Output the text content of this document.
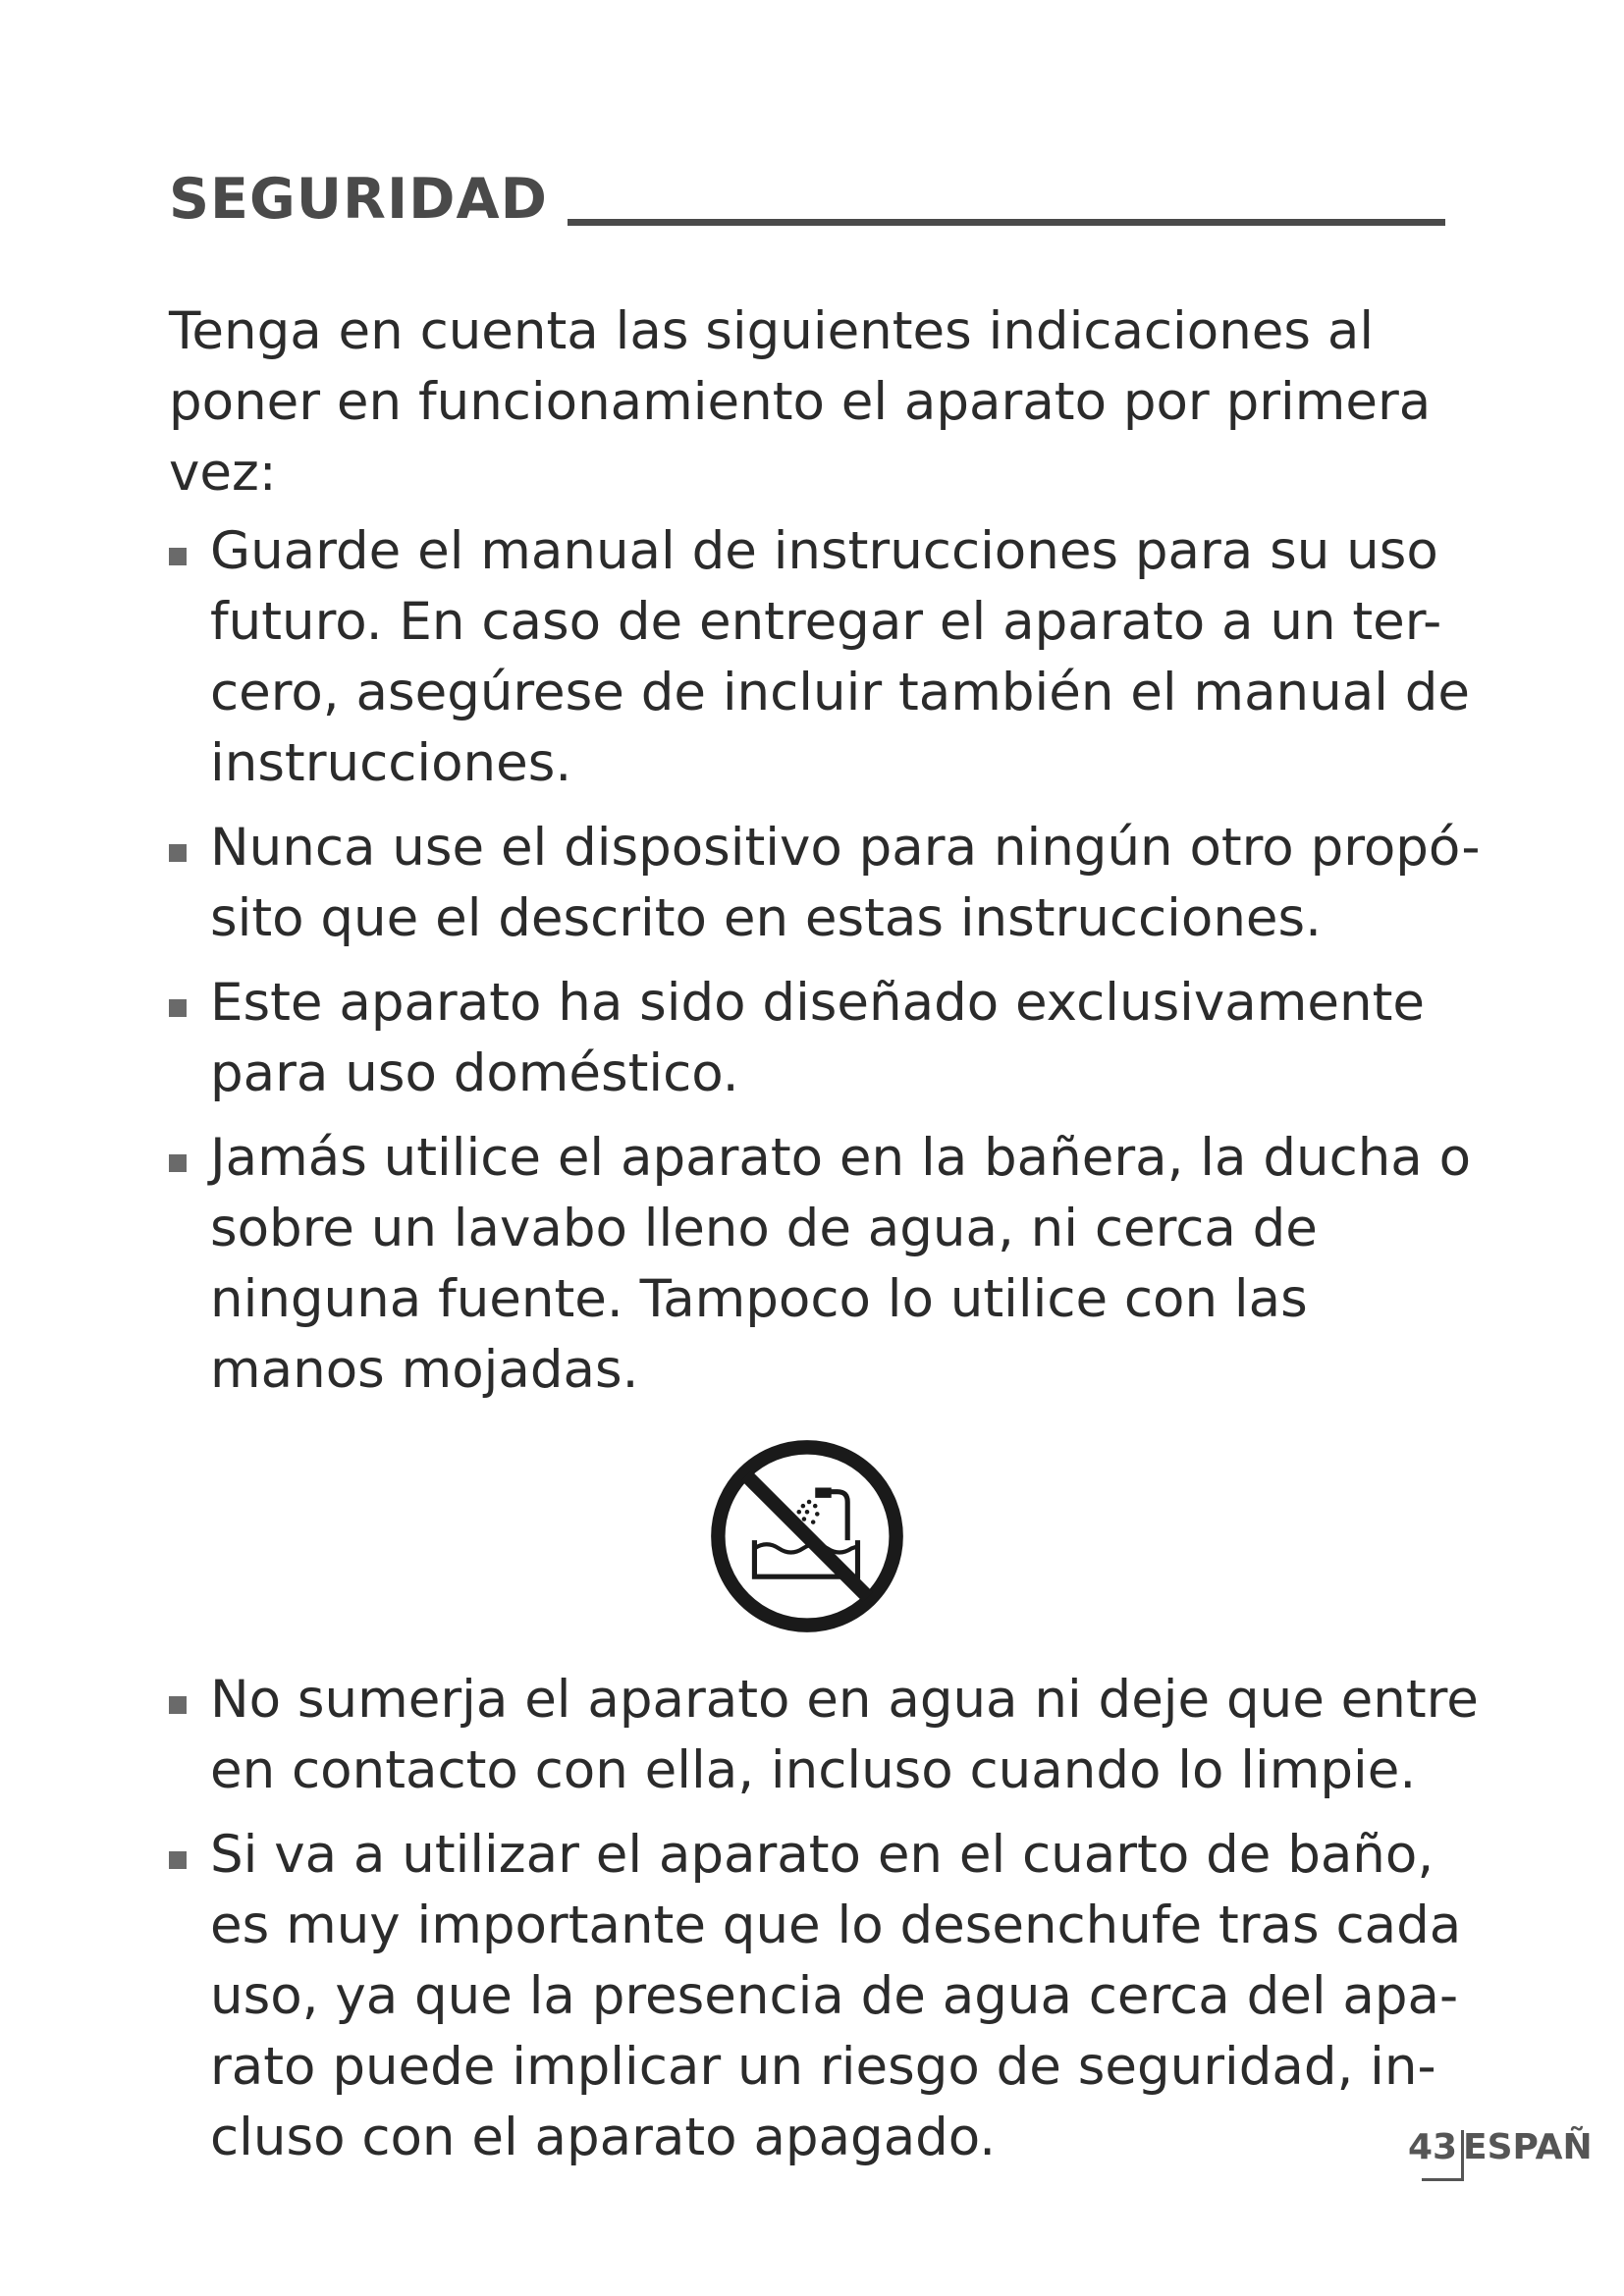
SEGURIDAD

Tenga en cuenta las siguientes indicaciones al poner en funcionamiento el aparato por primera vez:

Guarde el manual de instrucciones para su uso futuro. En caso de entregar el aparato a un ter-cero, asegúrese de incluir también el manual de instrucciones.
Nunca use el dispositivo para ningún otro propó-sito que el descrito en estas instrucciones.
Este aparato ha sido diseñado exclusivamente para uso doméstico.
Jamás utilice el aparato en la bañera, la ducha o sobre un lavabo lleno de agua, ni cerca de ninguna fuente. Tampoco lo utilice con las manos mojadas.
No sumerja el aparato en agua ni deje que entre en contacto con ella, incluso cuando lo limpie.
Si va a utilizar el aparato en el cuarto de baño, es muy importante que lo desenchufe tras cada uso, ya que la presencia de agua cerca del apa-rato puede implicar un riesgo de seguridad, in-cluso con el aparato apagado.	43 ESPAÑ
